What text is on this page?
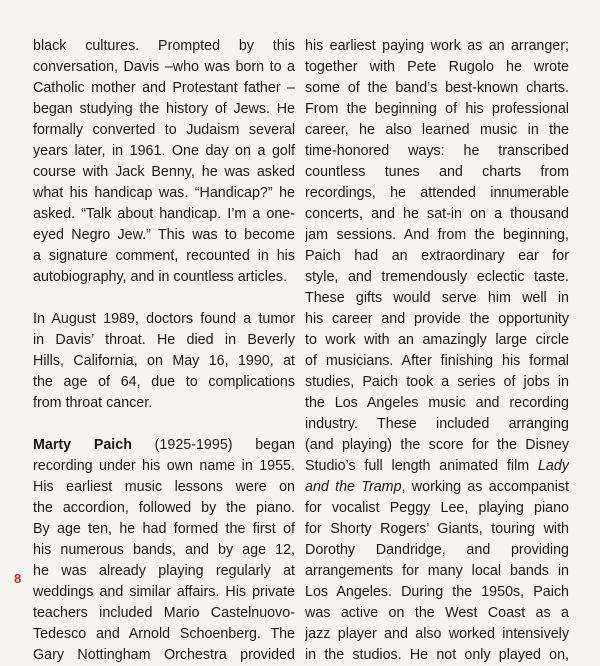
black cultures. Prompted by this
conversation, Davis –who was born to a
Catholic mother and Protestant father –
began studying the history of Jews. He
formally converted to Judaism several
years later, in 1961. One day on a golf
course with Jack Benny, he was asked
what his handicap was. “Handicap?” he
asked. “Talk about handicap. I’m a one-
eyed Negro Jew.” This was to become
a signature comment, recounted in his
autobiography, and in countless articles.
In August 1989, doctors found a tumor
in Davis’ throat. He died in Beverly
Hills, California, on May 16, 1990, at
the age of 64, due to complications
from throat cancer.
Marty Paich (1925-1995) began
recording under his own name in 1955.
His earliest music lessons were on
the accordion, followed by the piano.
By age ten, he had formed the first of
his numerous bands, and by age 12,
he was already playing regularly at
weddings and similar affairs. His private
teachers included Mario Castelnuovo-
Tedesco and Arnold Schoenberg. The
Gary Nottingham Orchestra provided
his earliest paying work as an arranger;
together with Pete Rugolo he wrote
some of the band’s best-known charts.
From the beginning of his professional
career, he also learned music in the
time-honored ways: he transcribed
countless tunes and charts from
recordings, he attended innumerable
concerts, and he sat-in on a thousand
jam sessions. And from the beginning,
Paich had an extraordinary ear for
style, and tremendously eclectic taste.
These gifts would serve him well in
his career and provide the opportunity
to work with an amazingly large circle
of musicians. After finishing his formal
studies, Paich took a series of jobs in
the Los Angeles music and recording
industry. These included arranging
(and playing) the score for the Disney
Studio’s full length animated film Lady
and the Tramp, working as accompanist
for vocalist Peggy Lee, playing piano
for Shorty Rogers’ Giants, touring with
Dorothy Dandridge, and providing
arrangements for many local bands in
Los Angeles. During the 1950s, Paich
was active on the West Coast as a
jazz player and also worked intensively
in the studios. He not only played on,
8
